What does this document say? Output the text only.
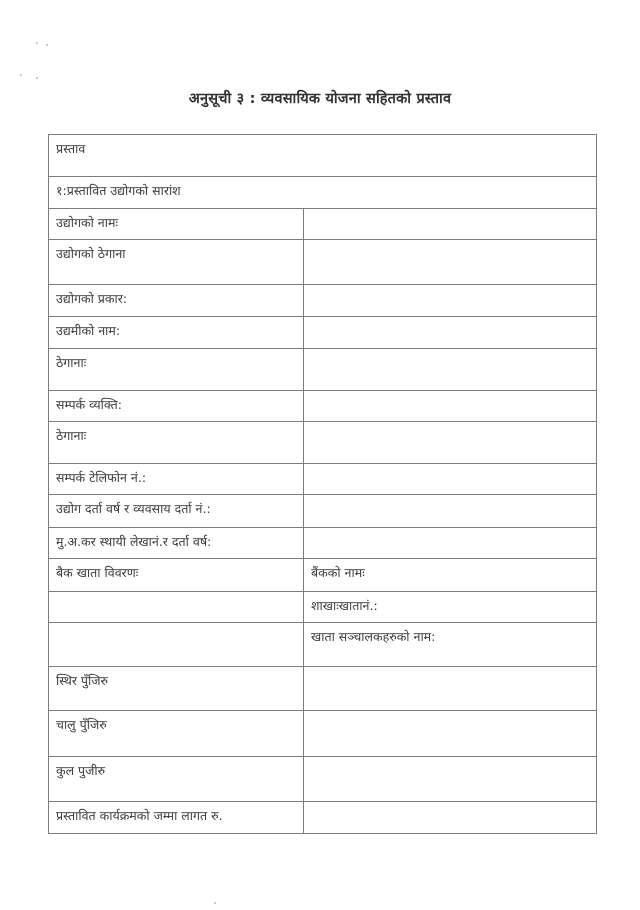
अनुसूची ३ : व्यवसायिक योजना सहितको प्रस्ताव
प्रस्ताव	
१:प्रस्तावित उद्योगको सारांश	
उद्योगको नामः	
उद्योगको ठेगाना	
उद्योगको प्रकार:	
उद्यमीको नाम:	
ठेगानाः	
सम्पर्क व्यक्ति:	
ठेगानाः	
सम्पर्क टेलिफोन नं.:	
उद्योग दर्ता वर्ष र व्यवसाय दर्ता नं.:	
मु.अ.कर स्थायी लेखानं.र दर्ता वर्ष:	
बैक खाता विवरणः	बैंकको नामः
	शाखाःखातानं.:
	खाता सञ्चालकहरुको नाम:
स्थिर पुँजिरु	
चालु पुँजिरु	
कुल पुजीरु	
प्रस्तावित कार्यक्रमको जम्मा लागत रु.	
